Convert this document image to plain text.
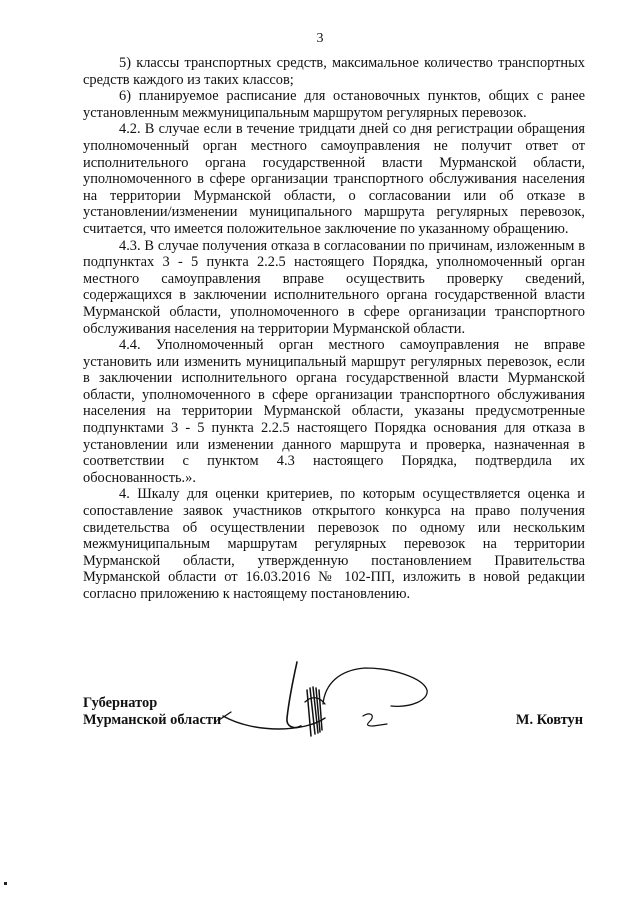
3

5) классы транспортных средств, максимальное количество транспортных средств каждого из таких классов;

6) планируемое расписание для остановочных пунктов, общих с ранее установленным межмуниципальным маршрутом регулярных перевозок.

4.2. В случае если в течение тридцати дней со дня регистрации обращения уполномоченный орган местного самоуправления не получит ответ от исполнительного органа государственной власти Мурманской области, уполномоченного в сфере организации транспортного обслуживания населения на территории Мурманской области, о согласовании или об отказе в установлении/изменении муниципального маршрута регулярных перевозок, считается, что имеется положительное заключение по указанному обращению.

4.3. В случае получения отказа в согласовании по причинам, изложенным в подпунктах 3 - 5 пункта 2.2.5 настоящего Порядка, уполномоченный орган местного самоуправления вправе осуществить проверку сведений, содержащихся в заключении исполнительного органа государственной власти Мурманской области, уполномоченного в сфере организации транспортного обслуживания населения на территории Мурманской области.

4.4. Уполномоченный орган местного самоуправления не вправе установить или изменить муниципальный маршрут регулярных перевозок, если в заключении исполнительного органа государственной власти Мурманской области, уполномоченного в сфере организации транспортного обслуживания населения на территории Мурманской области, указаны предусмотренные подпунктами 3 - 5 пункта 2.2.5 настоящего Порядка основания для отказа в установлении или изменении данного маршрута и проверка, назначенная в соответствии с пунктом 4.3 настоящего Порядка, подтвердила их обоснованность.».

4. Шкалу для оценки критериев, по которым осуществляется оценка и сопоставление заявок участников открытого конкурса на право получения свидетельства об осуществлении перевозок по одному или нескольким межмуниципальным маршрутам регулярных перевозок на территории Мурманской области, утвержденную постановлением Правительства Мурманской области от 16.03.2016 № 102-ПП, изложить в новой редакции согласно приложению к настоящему постановлению.

Губернатор
Мурманской области	М. Ковтун
